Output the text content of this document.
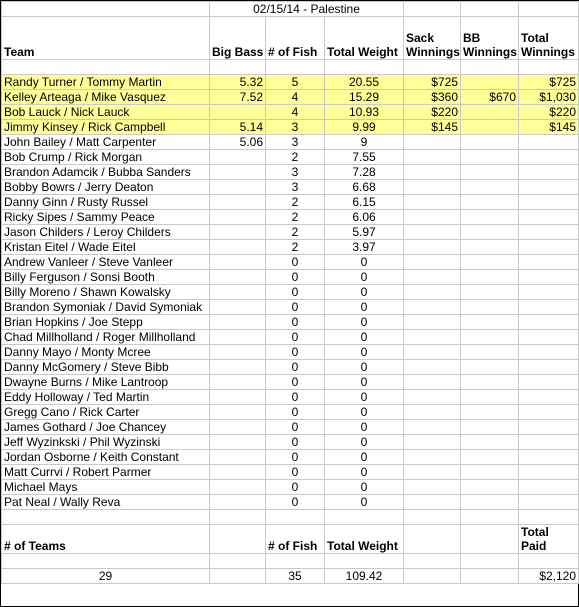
	02/15/14 - Palestine					
Team	Big Bass	# of Fish	Total Weight	Sack Winnings	BB Winnings	Total Winnings

Randy Turner / Tommy Martin	5.32	5	20.55	$725		$725
Kelley Arteaga / Mike Vasquez	7.52	4	15.29	$360	$670	$1,030
Bob Lauck / Nick Lauck		4	10.93	$220		$220
Jimmy Kinsey / Rick Campbell	5.14	3	9.99	$145		$145
John Bailey / Matt Carpenter	5.06	3	9			
Bob Crump / Rick Morgan		2	7.55			
Brandon Adamcik / Bubba Sanders		3	7.28			
Bobby Bowrs / Jerry Deaton		3	6.68			
Danny Ginn / Rusty Russel		2	6.15			
Ricky Sipes / Sammy Peace		2	6.06			
Jason Childers / Leroy Childers		2	5.97			
Kristan Eitel / Wade Eitel		2	3.97			
Andrew Vanleer / Steve Vanleer		0	0			
Billy Ferguson / Sonsi Booth		0	0			
Billy Moreno / Shawn Kowalsky		0	0			
Brandon Symoniak / David Symoniak		0	0			
Brian Hopkins / Joe Stepp		0	0			
Chad Millholland / Roger Millholland		0	0			
Danny Mayo / Monty Mcree		0	0			
Danny McGomery / Steve Bibb		0	0			
Dwayne Burns / Mike Lantroop		0	0			
Eddy Holloway / Ted Martin		0	0			
Gregg Cano / Rick Carter		0	0			
James Gothard / Joe Chancey		0	0			
Jeff Wyzinkski / Phil Wyzinski		0	0			
Jordan Osborne / Keith Constant		0	0			
Matt Currvi / Robert Parmer		0	0			
Michael Mays		0	0			
Pat Neal / Wally Reva		0	0			

# of Teams		# of Fish	Total Weight			Total Paid

29		35	109.42			$2,120
